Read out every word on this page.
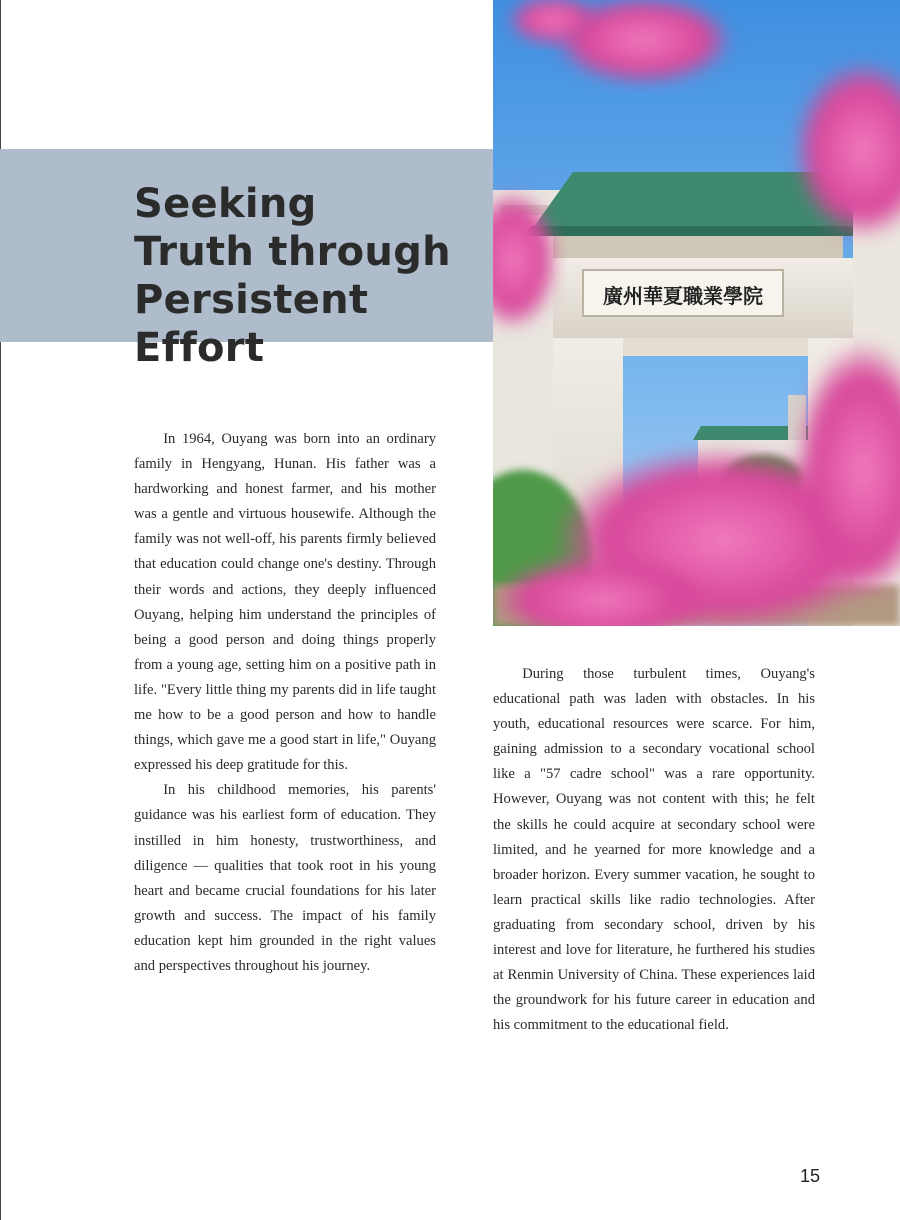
Seeking
Truth through
Persistent Effort
廣州華夏職業學院

In 1964, Ouyang was born into an ordinary family in Hengyang, Hunan. His father was a hardworking and honest farmer, and his mother was a gentle and virtuous housewife. Although the family was not well-off, his parents firmly believed that education could change one's destiny. Through their words and actions, they deeply influenced Ouyang, helping him understand the principles of being a good person and doing things properly from a young age, setting him on a positive path in life. "Every little thing my parents did in life taught me how to be a good person and how to handle things, which gave me a good start in life," Ouyang expressed his deep gratitude for this.

In his childhood memories, his parents' guidance was his earliest form of education. They instilled in him honesty, trustworthiness, and diligence — qualities that took root in his young heart and became crucial foundations for his later growth and success. The impact of his family education kept him grounded in the right values and perspectives throughout his journey.

During those turbulent times, Ouyang's educational path was laden with obstacles. In his youth, educational resources were scarce. For him, gaining admission to a secondary vocational school like a "57 cadre school" was a rare opportunity. However, Ouyang was not content with this; he felt the skills he could acquire at secondary school were limited, and he yearned for more knowledge and a broader horizon. Every summer vacation, he sought to learn practical skills like radio technologies. After graduating from secondary school, driven by his interest and love for literature, he furthered his studies at Renmin University of China. These experiences laid the groundwork for his future career in education and his commitment to the educational field.

15
